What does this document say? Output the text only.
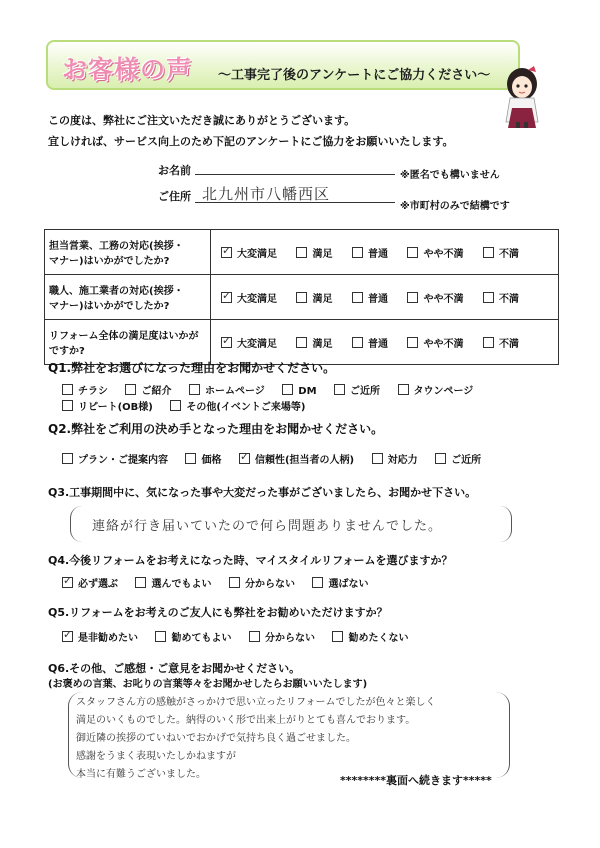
お客様の声 ～工事完了後のアンケートにご協力ください～
この度は、弊社にご注文いただき誠にありがとうございます。
宜しければ、サービス向上のため下記のアンケートにご協力をお願いいたします。
お名前	※匿名でも構いません
ご住所 北九州市八幡西区
※市町村のみで結構です
担当営業、工務の対応(挨拶・
マナー)はいかがでしたか?
	✓大変満足 満足 普通 やや不満 不満

職人、施工業者の対応(挨拶・
マナー)はいかがでしたか?
	✓大変満足 満足 普通 やや不満 不満

リフォーム全体の満足度はいかが
ですか?
	✓大変満足 満足 普通 やや不満 不満
Q1.弊社をお選びになった理由をお聞かせください。
チラシ	ご紹介	ホームページ	DM	ご近所	タウンページ
リピート(OB様)	その他(イベントご来場等)
Q2.弊社をご利用の決め手となった理由をお聞かせください。
プラン・ご提案内容	価格 ✓	信頼性(担当者の人柄)	対応力	ご近所
Q3.工事期間中に、気になった事や大変だった事がございましたら、お聞かせ下さい。
連絡が行き届いていたので何ら問題ありませんでした。
Q4.今後リフォームをお考えになった時、マイスタイルリフォームを選びますか？
✓必ず選ぶ	選んでもよい	分からない	選ばない
Q5.リフォームをお考えのご友人にも弊社をお勧めいただけますか？
✓是非勧めたい	勧めてもよい	分からない	勧めたくない
Q6.その他、ご感想・ご意見をお聞かせください。
(お褒めの言葉、お叱りの言葉等々をお聞かせしたらお願いいたします)
スタッフさん方の感触がさっかけで思い立ったリフォームでしたが色々と楽しく
満足のいくものでした。納得のいく形で出来上がりとても喜んでおります。
御近隣の挨拶のていねいでおかげで気持ち良く過ごせました。
感謝をうまく表現いたしかねますが
本当に有難うございました。	********裏面へ続きます*****
